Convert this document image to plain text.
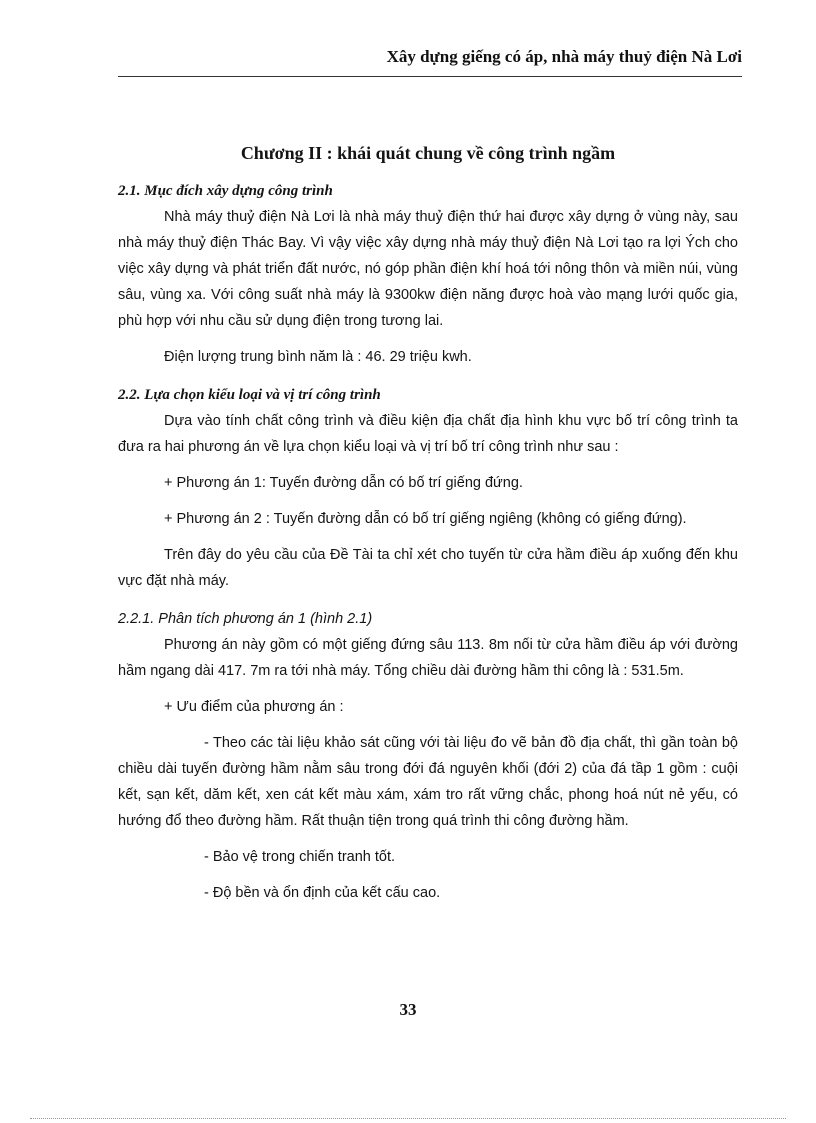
Xây dựng giếng có áp, nhà máy thuỷ điện Nà Lơi
Chương II : khái quát chung về công trình ngầm
2.1. Mục đích xây dựng công trình

Nhà máy thuỷ điện Nà Lơi là nhà máy thuỷ điện thứ hai được xây dựng ở vùng này, sau nhà máy thuỷ điện Thác Bay. Vì vậy việc xây dựng nhà máy thuỷ điện Nà Lơi tạo ra lợi Ých cho việc xây dựng và phát triển đất nước, nó góp phần điện khí hoá tới nông thôn và miền núi, vùng sâu, vùng xa. Với công suất nhà máy là 9300kw điện năng được hoà vào mạng lưới quốc gia, phù hợp với nhu cầu sử dụng điện trong tương lai.

Điện lượng trung bình năm là : 46. 29 triệu kwh.

2.2. Lựa chọn kiểu loại và vị trí công trình

Dựa vào tính chất công trình và điều kiện địa chất địa hình khu vực bố trí công trình ta đưa ra hai phương án về lựa chọn kiểu loại và vị trí bố trí công trình như sau :

+ Phương án 1: Tuyến đường dẫn có bố trí giếng đứng.

+ Phương án 2 : Tuyến đường dẫn có bố trí giếng ngiêng (không có giếng đứng).

Trên đây do yêu cầu của Đề Tài ta chỉ xét cho tuyến từ cửa hầm điều áp xuống đến khu vực đặt nhà máy.

2.2.1. Phân tích phương án 1 (hình 2.1)

Phương án này gồm có một giếng đứng sâu 113. 8m nối từ cửa hầm điều áp với đường hầm ngang dài 417. 7m ra tới nhà máy. Tổng chiều dài đường hầm thi công là : 531.5m.

+ Ưu điểm của phương án :

- Theo các tài liệu khảo sát cũng với tài liệu đo vẽ bản đồ địa chất, thì gần toàn bộ chiều dài tuyến đường hầm nằm sâu trong đới đá nguyên khối (đới 2) của đá tầp 1 gồm : cuội kết, sạn kết, dăm kết, xen cát kết màu xám, xám tro rất vững chắc, phong hoá nút nẻ yếu, có hướng đổ theo đường hầm. Rất thuận tiện trong quá trình thi công đường hầm.

- Bảo vệ trong chiến tranh tốt.

- Độ bền và ổn định của kết cấu cao.

33
